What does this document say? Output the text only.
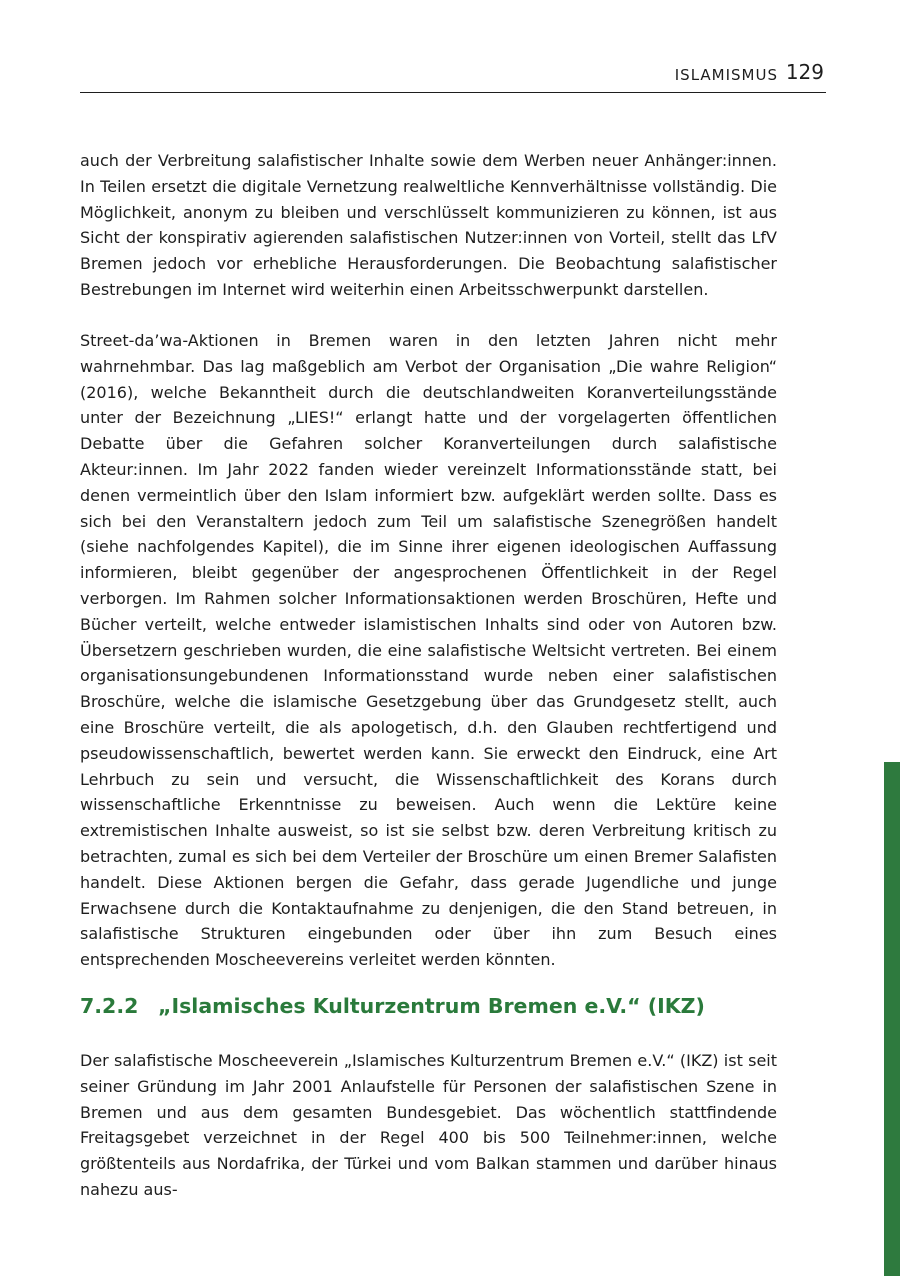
ISLAMISMUS 129

auch der Verbreitung salafistischer Inhalte sowie dem Werben neuer Anhänger:innen. In Teilen ersetzt die digitale Vernetzung realweltliche Kennverhältnisse vollständig. Die Möglichkeit, anonym zu bleiben und verschlüsselt kommunizieren zu können, ist aus Sicht der konspirativ agierenden salafistischen Nutzer:innen von Vorteil, stellt das LfV Bremen jedoch vor erhebliche Herausforderungen. Die Beobachtung salafistischer Bestrebungen im Internet wird weiterhin einen Arbeitsschwerpunkt darstellen.

Street-da’wa-Aktionen in Bremen waren in den letzten Jahren nicht mehr wahrnehmbar. Das lag maßgeblich am Verbot der Organisation „Die wahre Religion“ (2016), welche Bekanntheit durch die deutschlandweiten Koranverteilungsstände unter der Bezeichnung „LIES!“ erlangt hatte und der vorgelagerten öffentlichen Debatte über die Gefahren solcher Koranverteilungen durch salafistische Akteur:innen. Im Jahr 2022 fanden wieder vereinzelt Informationsstände statt, bei denen vermeintlich über den Islam informiert bzw. aufgeklärt werden sollte. Dass es sich bei den Veranstaltern jedoch zum Teil um salafistische Szenegrößen handelt (siehe nachfolgendes Kapitel), die im Sinne ihrer eigenen ideologischen Auffassung informieren, bleibt gegenüber der angesprochenen Öffentlichkeit in der Regel verborgen. Im Rahmen solcher Informationsaktionen werden Broschüren, Hefte und Bücher verteilt, welche entweder islamistischen Inhalts sind oder von Autoren bzw. Übersetzern geschrieben wurden, die eine salafistische Weltsicht vertreten. Bei einem organisationsungebundenen Informationsstand wurde neben einer salafistischen Broschüre, welche die islamische Gesetzgebung über das Grundgesetz stellt, auch eine Broschüre verteilt, die als apologetisch, d.h. den Glauben rechtfertigend und pseudowissenschaftlich, bewertet werden kann. Sie erweckt den Eindruck, eine Art Lehrbuch zu sein und versucht, die Wissenschaftlichkeit des Korans durch wissenschaftliche Erkenntnisse zu beweisen. Auch wenn die Lektüre keine extremistischen Inhalte ausweist, so ist sie selbst bzw. deren Verbreitung kritisch zu betrachten, zumal es sich bei dem Verteiler der Broschüre um einen Bremer Salafisten handelt. Diese Aktionen bergen die Gefahr, dass gerade Jugendliche und junge Erwachsene durch die Kontaktaufnahme zu denjenigen, die den Stand betreuen, in salafistische Strukturen eingebunden oder über ihn zum Besuch eines entsprechenden Moscheevereins verleitet werden könnten.

7.2.2 „Islamisches Kulturzentrum Bremen e.V.“ (IKZ)

Der salafistische Moscheeverein „Islamisches Kulturzentrum Bremen e.V.“ (IKZ) ist seit seiner Gründung im Jahr 2001 Anlaufstelle für Personen der salafistischen Szene in Bremen und aus dem gesamten Bundesgebiet. Das wöchentlich stattfindende Freitagsgebet verzeichnet in der Regel 400 bis 500 Teilnehmer:innen, welche größtenteils aus Nordafrika, der Türkei und vom Balkan stammen und darüber hinaus nahezu aus-
